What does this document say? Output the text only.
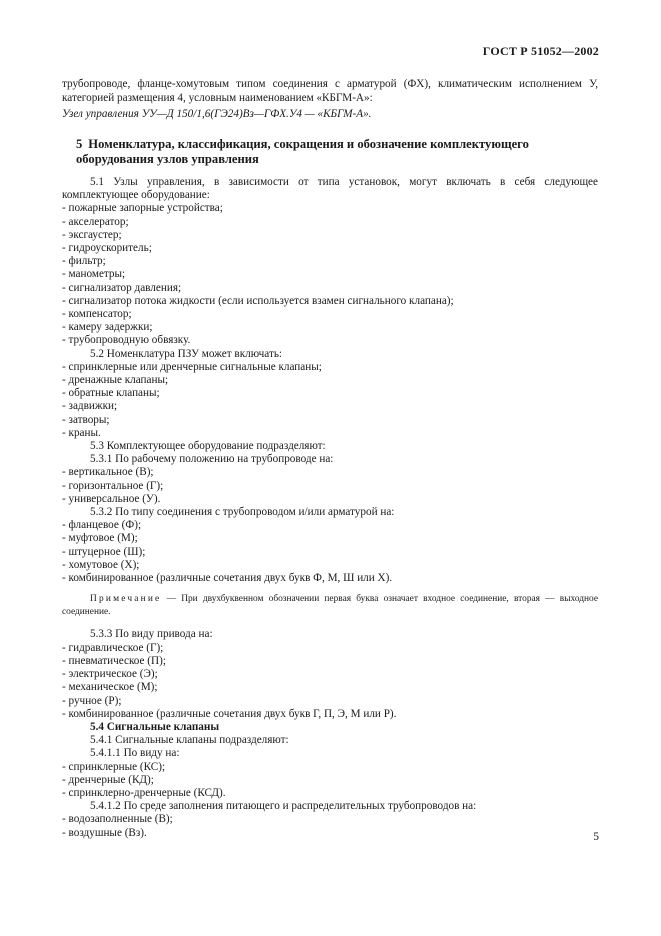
ГОСТ Р 51052—2002

трубопроводе, фланце-хомутовым типом соединения с арматурой (ФХ), климатическим исполнением У, категорией размещения 4, условным наименованием «КБГМ-А»:

Узел управления УУ—Д 150/1,6(ГЭ24)Вз—ГФХ.У4 — «КБГМ-А».

5 Номенклатура, классификация, сокращения и обозначение комплектующего оборудования узлов управления

5.1 Узлы управления, в зависимости от типа установок, могут включать в себя следующее комплектующее оборудование:

- пожарные запорные устройства;

- акселератор;

- эксгаустер;

- гидроускоритель;

- фильтр;

- манометры;

- сигнализатор давления;

- сигнализатор потока жидкости (если используется взамен сигнального клапана);

- компенсатор;

- камеру задержки;

- трубопроводную обвязку.

5.2 Номенклатура ПЗУ может включать:

- спринклерные или дренчерные сигнальные клапаны;

- дренажные клапаны;

- обратные клапаны;

- задвижки;

- затворы;

- краны.

5.3 Комплектующее оборудование подразделяют:

5.3.1 По рабочему положению на трубопроводе на:

- вертикальное (В);

- горизонтальное (Г);

- универсальное (У).

5.3.2 По типу соединения с трубопроводом и/или арматурой на:

- фланцевое (Ф);

- муфтовое (М);

- штуцерное (Ш);

- хомутовое (Х);

- комбинированное (различные сочетания двух букв Ф, М, Ш или Х).

Примечание — При двухбуквенном обозначении первая буква означает входное соединение, вторая — выходное соединение.

5.3.3 По виду привода на:

- гидравлическое (Г);

- пневматическое (П);

- электрическое (Э);

- механическое (М);

- ручное (Р);

- комбинированное (различные сочетания двух букв Г, П, Э, М или Р).

5.4 Сигнальные клапаны

5.4.1 Сигнальные клапаны подразделяют:

5.4.1.1 По виду на:

- спринклерные (КС);

- дренчерные (КД);

- спринклерно-дренчерные (КСД).

5.4.1.2 По среде заполнения питающего и распределительных трубопроводов на:

- водозаполненные (В);

- воздушные (Вз).	5
